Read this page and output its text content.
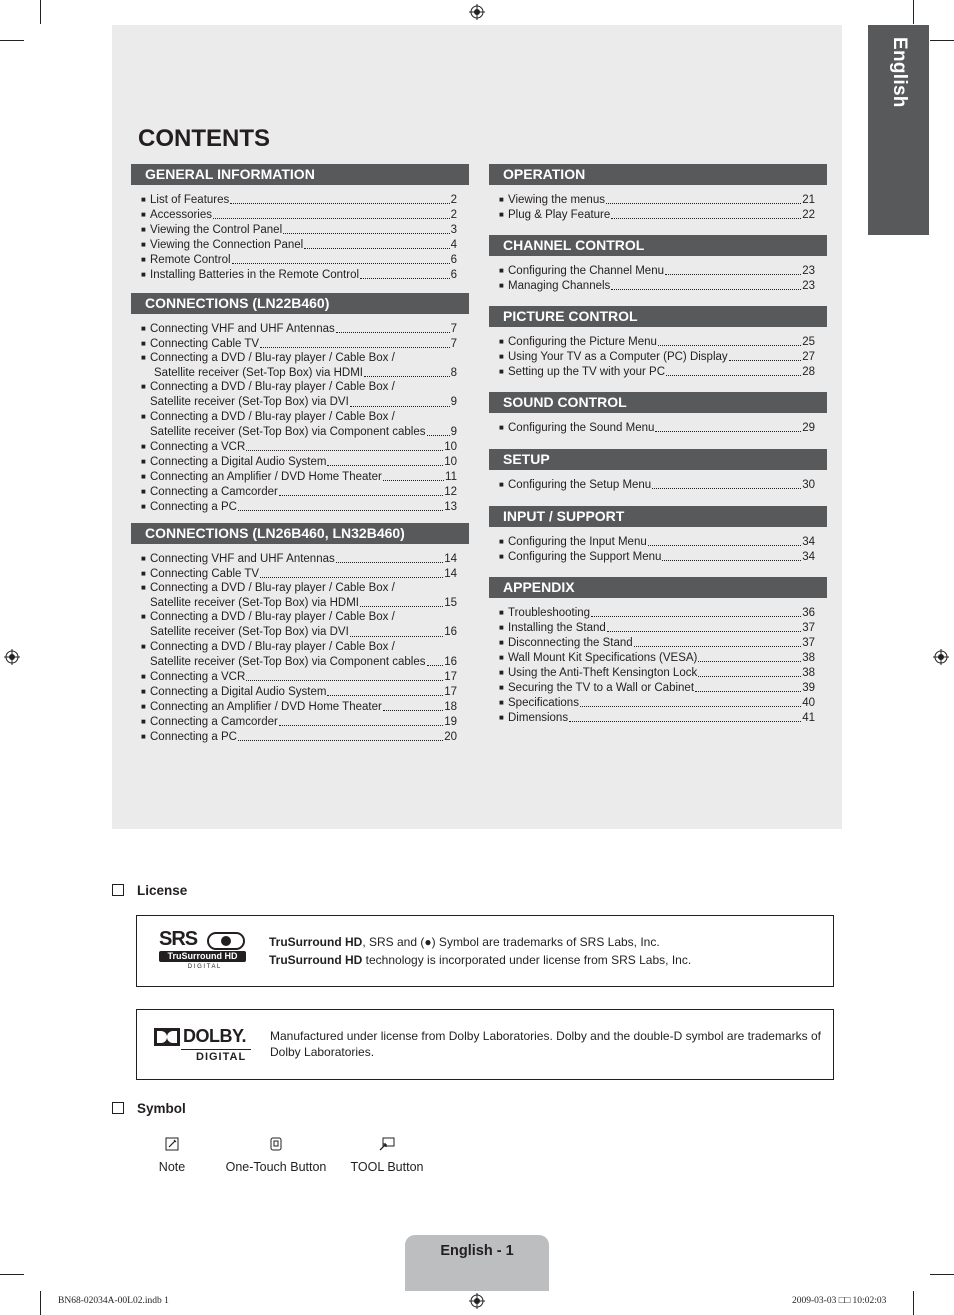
English
CONTENTS
GENERAL INFORMATION
■ List of Features	2
■ Accessories	2
■ Viewing the Control Panel	3
■ Viewing the Connection Panel	4
■ Remote Control	6
■ Installing Batteries in the Remote Control	6
CONNECTIONS (LN22B460)
■ Connecting VHF and UHF Antennas	7
■ Connecting Cable TV	7
■ Connecting a DVD / Blu-ray player / Cable Box /
Satellite receiver (Set-Top Box) via HDMI	8
■ Connecting a DVD / Blu-ray player / Cable Box /
Satellite receiver (Set-Top Box) via DVI	9
■ Connecting a DVD / Blu-ray player / Cable Box /
Satellite receiver (Set-Top Box) via Component cables 9
■ Connecting a VCR	10
■ Connecting a Digital Audio System	10
■ Connecting an Amplifier / DVD Home Theater	11
■ Connecting a Camcorder	12
■ Connecting a PC	13
CONNECTIONS (LN26B460, LN32B460)
■ Connecting VHF and UHF Antennas	14
■ Connecting Cable TV	14
■ Connecting a DVD / Blu-ray player / Cable Box /
Satellite receiver (Set-Top Box) via HDMI	15
■ Connecting a DVD / Blu-ray player / Cable Box /
Satellite receiver (Set-Top Box) via DVI	16
■ Connecting a DVD / Blu-ray player / Cable Box /
Satellite receiver (Set-Top Box) via Component cables 16
■ Connecting a VCR	17
■ Connecting a Digital Audio System	17
■ Connecting an Amplifier / DVD Home Theater	18
■ Connecting a Camcorder	19
■ Connecting a PC	20
OPERATION
■ Viewing the menus	21
■ Plug & Play Feature	22
CHANNEL CONTROL
■ Configuring the Channel Menu	23
■ Managing Channels	23
PICTURE CONTROL
■ Configuring the Picture Menu	25
■ Using Your TV as a Computer (PC) Display	27
■ Setting up the TV with your PC	28
SOUND CONTROL
■ Configuring the Sound Menu	29
SETUP
■ Configuring the Setup Menu	30
INPUT / SUPPORT
■ Configuring the Input Menu	34
■ Configuring the Support Menu	34
APPENDIX
■ Troubleshooting	36
■ Installing the Stand	37
■ Disconnecting the Stand	37
■ Wall Mount Kit Specifications (VESA)	38
■ Using the Anti-Theft Kensington Lock	38
■ Securing the TV to a Wall or Cabinet	39
■ Specifications	40
■ Dimensions	41
License
SRS
TruSurround HD
D I G I T A L
TruSurround HD, SRS and (●) Symbol are trademarks of SRS Labs, Inc.
TruSurround HD technology is incorporated under license from SRS Labs, Inc.
DOLBY.
DIGITAL
Manufactured under license from Dolby Laboratories. Dolby and the double-D symbol are trademarks of Dolby Laboratories.
Symbol
Note	One-Touch Button	TOOL Button
English - 1
BN68-02034A-00L02.indb 1	2009-03-03 □□ 10:02:03
